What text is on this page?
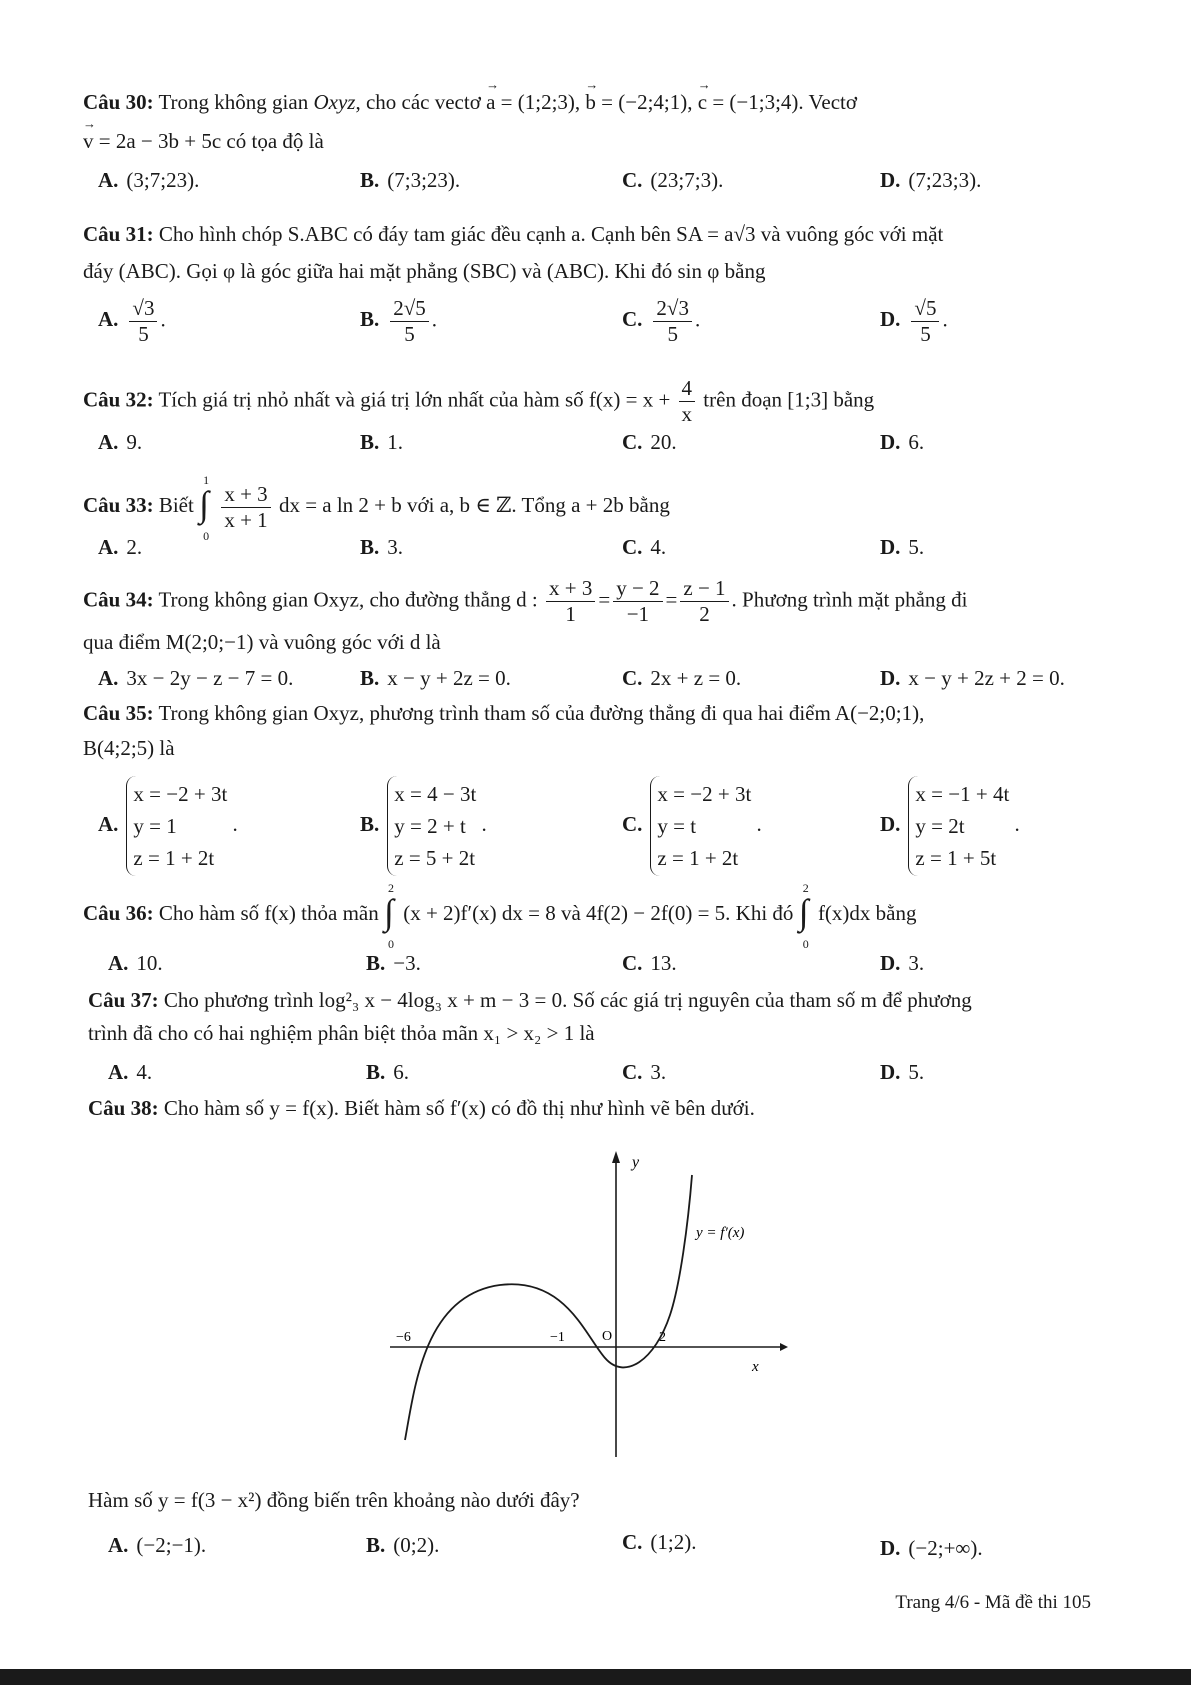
Câu 30: Trong không gian Oxyz, cho các vectơ → a = (1;2;3), → b = (−2;4;1), → c = (−1;3;4). Vectơ
→ v = 2a − 3b + 5c có tọa độ là
A. (3;7;23).	B. (7;3;23).	C. (23;7;3).	D. (7;23;3).
Câu 31: Cho hình chóp S.ABC có đáy tam giác đều cạnh a. Cạnh bên SA = a√3 và vuông góc với mặt
đáy (ABC). Gọi φ là góc giữa hai mặt phẳng (SBC) và (ABC). Khi đó sin φ bằng
A. $\frac{√3}{5}$ .	B. $\frac{2√5}{5}$ .	C. $\frac{2√3}{5}$ .	D. $\frac{√5}{5}$ .
Câu 32: Tích giá trị nhỏ nhất và giá trị lớn nhất của hàm số $f(x) = x + \frac{4}{x}$ trên đoạn [1;3] bằng
A. 9.	B. 1.	C. 20.	D. 6.
Câu 33: Biết
1
∫
0

$\frac{x + 3}{x + 1}$ dx = a ln 2 + b với a, b ∈ ℤ. Tổng a + 2b bằng
A. 2.	B. 3.	C. 4.	D. 5.
Câu 34: Trong không gian Oxyz, cho đường thẳng d : $\frac{x + 3}{1} = \frac{y - 2}{-1} = \frac{z - 1}{2}$ . Phương trình mặt phẳng đi
qua điểm M(2;0;−1) và vuông góc với d là
A. 3x − 2y − z − 7 = 0.	B. x − y + 2z = 0.	C. 2x + z = 0.	D. x − y + 2z + 2 = 0.
Câu 35: Trong không gian Oxyz, phương trình tham số của đường thẳng đi qua hai điểm A(−2;0;1),
B(4;2;5) là
A.
x = −2 + 3t
y = 1
z = 1 + 2t
.	B.
x = 4 − 3t
y = 2 + t
z = 5 + 2t
.	C.
x = −2 + 3t
y = t
z = 1 + 2t
.	D.
x = −1 + 4t
y = 2t
z = 1 + 5t
.
Câu 36: Cho hàm số f(x) thỏa mãn
2
∫
0
(x + 2)f′(x) dx = 8 và 4f(2) − 2f(0) = 5. Khi đó
2
∫
0
f(x)dx bằng
A. 10.	B. −3.	C. 13.	D. 3.
Câu 37: Cho phương trình log²₃ x − 4log₃ x + m − 3 = 0. Số các giá trị nguyên của tham số m để phương
trình đã cho có hai nghiệm phân biệt thỏa mãn x₁ > x₂ > 1 là
A. 4.	B. 6.	C. 3.	D. 5.
Câu 38: Cho hàm số y = f(x). Biết hàm số f′(x) có đồ thị như hình vẽ bên dưới.
y
x
y = f′(x)
−6	−1	O	2
Hàm số y = f(3 − x²) đồng biến trên khoảng nào dưới đây?
A. (−2;−1).	B. (0;2).	C. (1;2).	D. (−2;+∞).
Trang 4/6 - Mã đề thi 105
